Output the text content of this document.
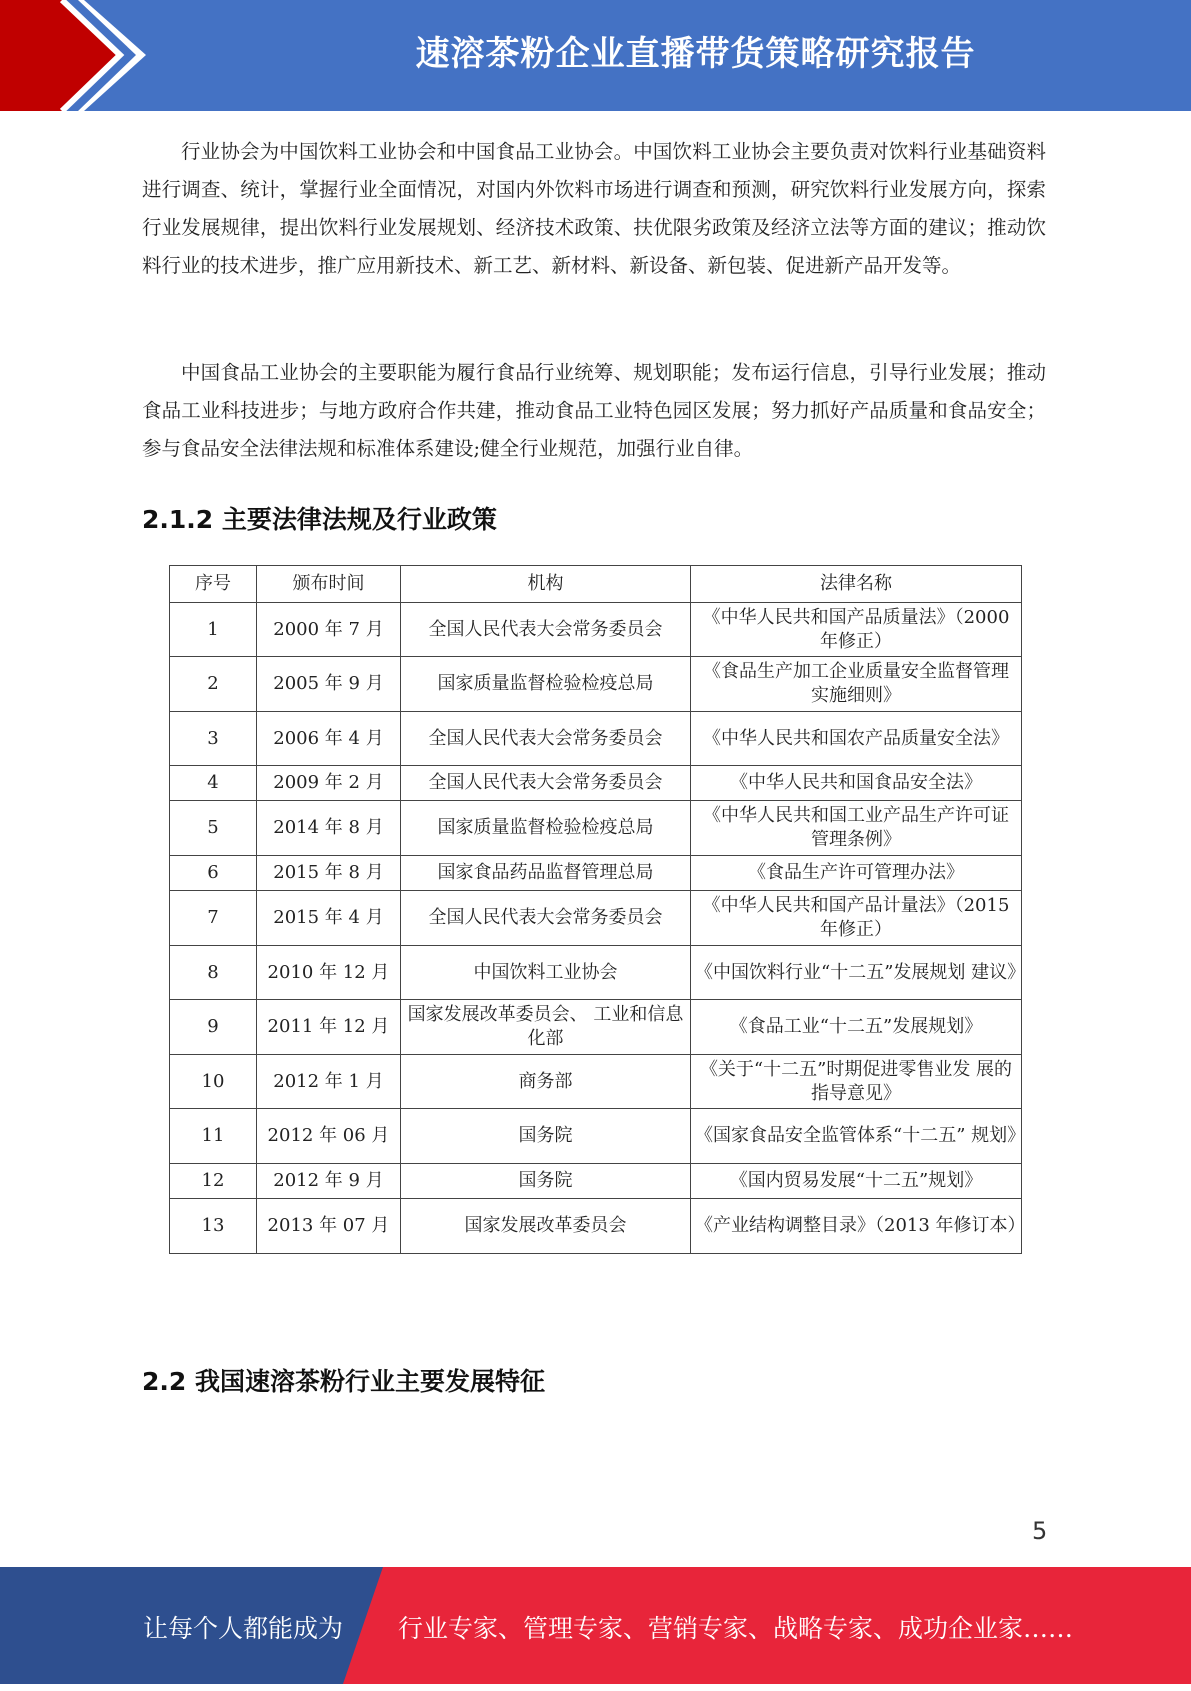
速溶茶粉企业直播带货策略研究报告

行业协会为中国饮料工业协会和中国食品工业协会。中国饮料工业协会主要负责对饮料行业基础资料进行调查、统计，掌握行业全面情况，对国内外饮料市场进行调查和预测，研究饮料行业发展方向，探索行业发展规律，提出饮料行业发展规划、经济技术政策、扶优限劣政策及经济立法等方面的建议；推动饮料行业的技术进步，推广应用新技术、新工艺、新材料、新设备、新包装、促进新产品开发等。

中国食品工业协会的主要职能为履行食品行业统筹、规划职能；发布运行信息，引导行业发展；推动食品工业科技进步；与地方政府合作共建，推动食品工业特色园区发展；努力抓好产品质量和食品安全；参与食品安全法律法规和标准体系建设;健全行业规范，加强行业自律。

2.1.2 主要法律法规及行业政策
序号	颁布时间	机构	法律名称
1	2000 年 7 月	全国人民代表大会常务委员会	《中华人民共和国产品质量法》（2000 年修正）
2	2005 年 9 月	国家质量监督检验检疫总局	《食品生产加工企业质量安全监督管理实施细则》
3	2006 年 4 月	全国人民代表大会常务委员会	《中华人民共和国农产品质量安全法》
4	2009 年 2 月	全国人民代表大会常务委员会	《中华人民共和国食品安全法》
5	2014 年 8 月	国家质量监督检验检疫总局	《中华人民共和国工业产品生产许可证管理条例》
6	2015 年 8 月	国家食品药品监督管理总局	《食品生产许可管理办法》
7	2015 年 4 月	全国人民代表大会常务委员会	《中华人民共和国产品计量法》（2015 年修正）
8	2010 年 12 月	中国饮料工业协会	《中国饮料行业“十二五”发展规划 建议》
9	2011 年 12 月	国家发展改革委员会、 工业和信息化部	《食品工业“十二五”发展规划》
10	2012 年 1 月	商务部	《关于“十二五”时期促进零售业发 展的指导意见》
11	2012 年 06 月	国务院	《国家食品安全监管体系“十二五” 规划》
12	2012 年 9 月	国务院	《国内贸易发展“十二五”规划》
13	2013 年 07 月	国家发展改革委员会	《产业结构调整目录》（2013 年修订本）
2.2 我国速溶茶粉行业主要发展特征
5
让每个人都能成为 行业专家、管理专家、营销专家、战略专家、成功企业家……
